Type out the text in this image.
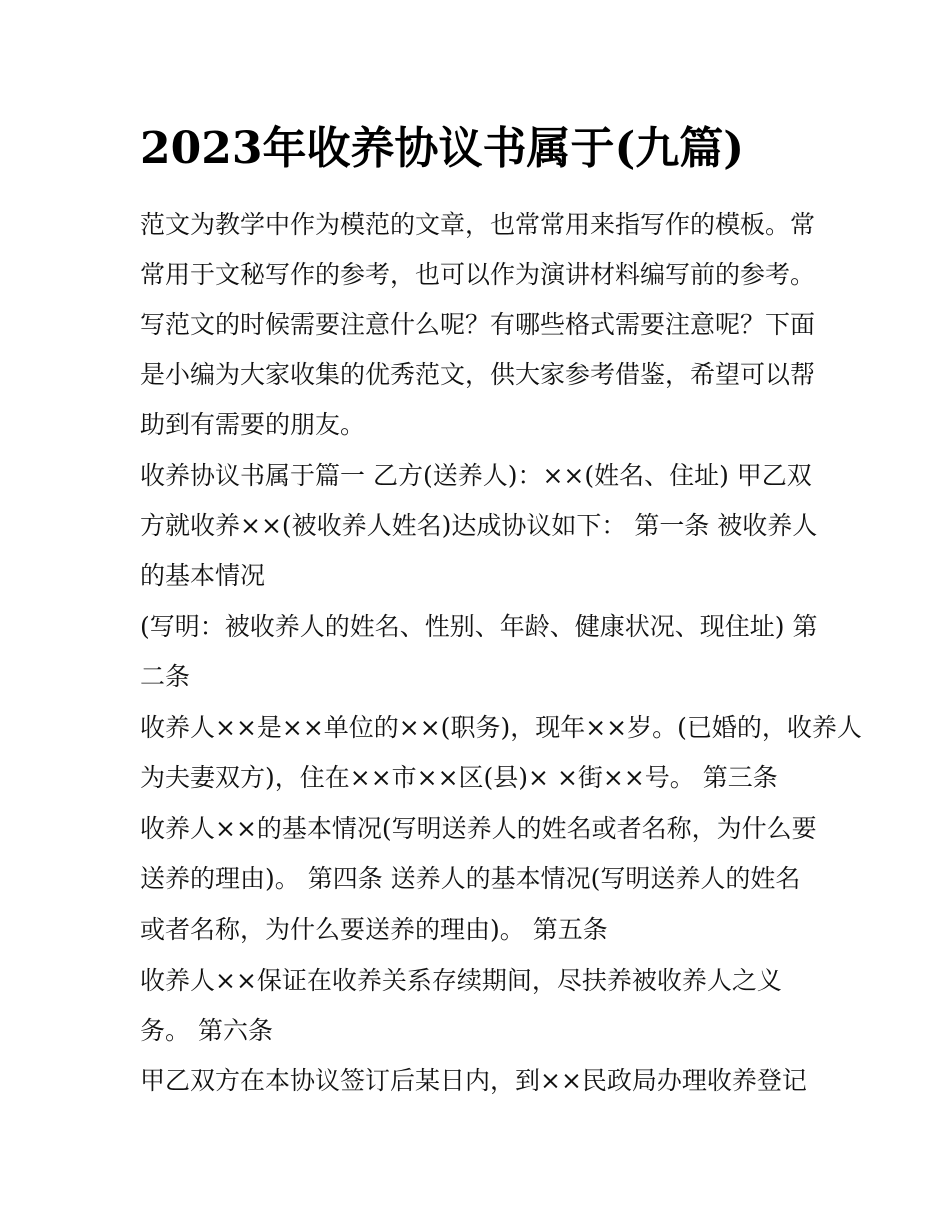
2023年收养协议书属于(九篇)

范文为教学中作为模范的文章，也常常用来指写作的模板。常

常用于文秘写作的参考，也可以作为演讲材料编写前的参考。

写范文的时候需要注意什么呢？有哪些格式需要注意呢？下面

是小编为大家收集的优秀范文，供大家参考借鉴，希望可以帮

助到有需要的朋友。

收养协议书属于篇一 乙方(送养人)：××(姓名、住址) 甲乙双

方就收养××(被收养人姓名)达成协议如下： 第一条 被收养人

的基本情况

(写明：被收养人的姓名、性别、年龄、健康状况、现住址) 第

二条

收养人××是××单位的××(职务)，现年××岁。(已婚的，收养人

为夫妻双方)，住在××市××区(县)× ×街××号。 第三条

收养人××的基本情况(写明送养人的姓名或者名称，为什么要

送养的理由)。 第四条 送养人的基本情况(写明送养人的姓名

或者名称，为什么要送养的理由)。 第五条

收养人××保证在收养关系存续期间，尽扶养被收养人之义

务。 第六条

甲乙双方在本协议签订后某日内，到××民政局办理收养登记
